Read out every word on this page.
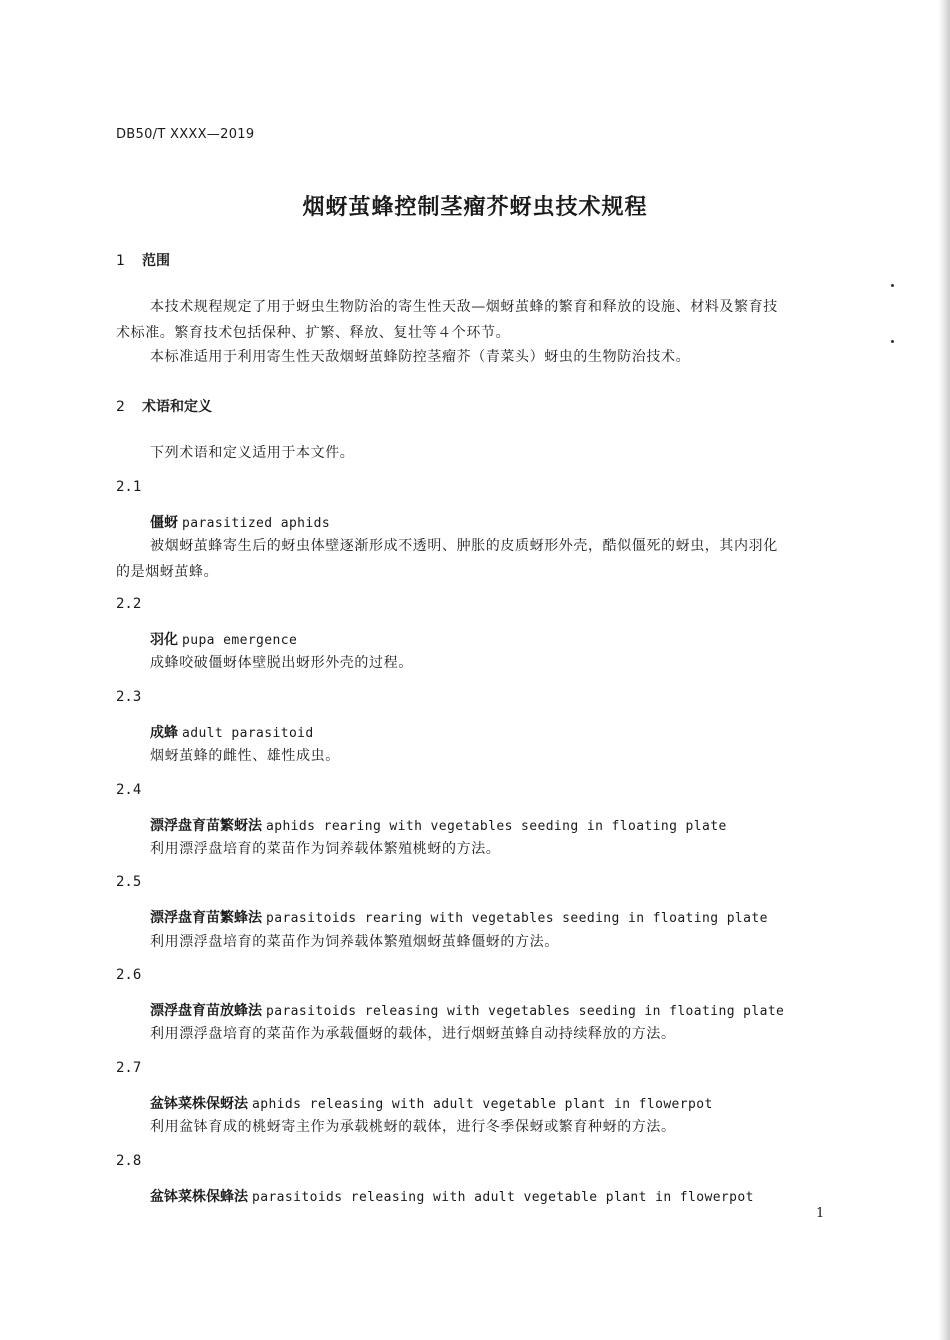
DB50/T XXXX—2019
烟蚜茧蜂控制茎瘤芥蚜虫技术规程
1 范围
本技术规程规定了用于蚜虫生物防治的寄生性天敌—烟蚜茧蜂的繁育和释放的设施、材料及繁育技
术标准。繁育技术包括保种、扩繁、释放、复壮等４个环节。
本标准适用于利用寄生性天敌烟蚜茧蜂防控茎瘤芥（青菜头）蚜虫的生物防治技术。
2 术语和定义
下列术语和定义适用于本文件。
2.1
僵蚜 parasitized aphids
被烟蚜茧蜂寄生后的蚜虫体壁逐渐形成不透明、肿胀的皮质蚜形外壳，酷似僵死的蚜虫，其内羽化
的是烟蚜茧蜂。
2.2
羽化 pupa emergence
成蜂咬破僵蚜体壁脱出蚜形外壳的过程。
2.3
成蜂 adult parasitoid
烟蚜茧蜂的雌性、雄性成虫。
2.4
漂浮盘育苗繁蚜法 aphids rearing with vegetables seeding in floating plate
利用漂浮盘培育的菜苗作为饲养载体繁殖桃蚜的方法。
2.5
漂浮盘育苗繁蜂法 parasitoids rearing with vegetables seeding in floating plate
利用漂浮盘培育的菜苗作为饲养载体繁殖烟蚜茧蜂僵蚜的方法。
2.6
漂浮盘育苗放蜂法 parasitoids releasing with vegetables seeding in floating plate
利用漂浮盘培育的菜苗作为承载僵蚜的载体，进行烟蚜茧蜂自动持续释放的方法。
2.7
盆钵菜株保蚜法 aphids releasing with adult vegetable plant in flowerpot
利用盆钵育成的桃蚜寄主作为承载桃蚜的载体，进行冬季保蚜或繁育种蚜的方法。
2.8
盆钵菜株保蜂法 parasitoids releasing with adult vegetable plant in flowerpot
1
